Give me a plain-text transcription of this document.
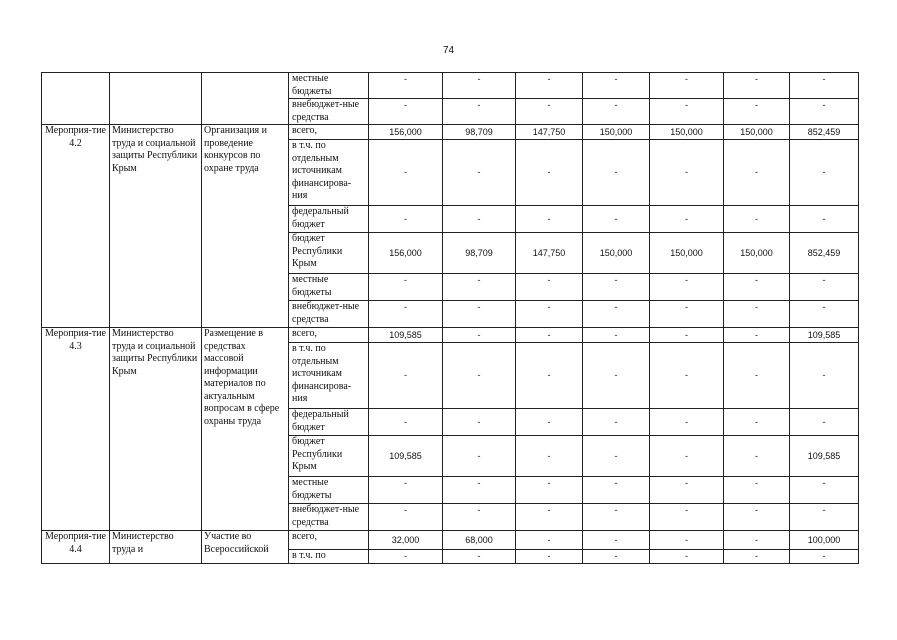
74
			местные бюджеты	-	-	-	-	-	-	-
			внебюджет-ные средства	-	-	-	-	-	-	-
Мероприя-тие 4.2	Министерство труда и социальной защиты Республики Крым	Организация и проведение конкурсов по охране труда	всего,	156,000	98,709	147,750	150,000	150,000	150,000	852,459
			в т.ч. по отдельным источникам финансирова-ния	-	-	-	-	-	-	-
			федеральный бюджет	-	-	-	-	-	-	-
			бюджет Республики Крым	156,000	98,709	147,750	150,000	150,000	150,000	852,459
			местные бюджеты	-	-	-	-	-	-	-
			внебюджет-ные средства	-	-	-	-	-	-	-
Мероприя-тие 4.3	Министерство труда и социальной защиты Республики Крым	Размещение в средствах массовой информации материалов по актуальным вопросам в сфере охраны труда	всего,	109,585	-	-	-	-	-	109,585
			в т.ч. по отдельным источникам финансирова-ния	-	-	-	-	-	-	-
			федеральный бюджет	-	-	-	-	-	-	-
			бюджет Республики Крым	109,585	-	-	-	-	-	109,585
			местные бюджеты	-	-	-	-	-	-	-
			внебюджет-ные средства	-	-	-	-	-	-	-
Мероприя-тие 4.4	Министерство труда и	Участие во Всероссийской	всего,	32,000	68,000	-	-	-	-	100,000
			в т.ч. по	-	-	-	-	-	-	-
